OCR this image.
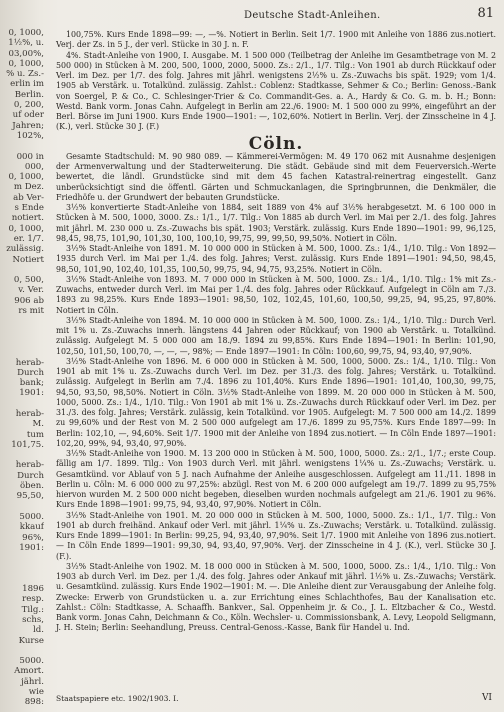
0, 1000,
1½%, u.
03,00%,
0, 1000,
% u. Zs.-
erlin im
Berlin.
0, 200,
uf oder
Jahren;
102%,

000 in
000,
0, 1000,
m Dez.
ab Ver-
s Ende
notiert.
0, 1000,
er. 1/7.
zulässig.
Notiert

0, 500,
v. Ver.
906 ab
rs mit

herab-
Durch
bank;
1901:

herab-
M.
tum
101,75.

herab-
Durch
öben.
95,50,

5000.
kkauf
96%,
1901:

1896
resp.
Tilg.:
schs,
ld.
Kurse

5000.
Amort.
jährl.
wie
898:
Deutsche Stadt-Anleihen.	81

100,75%. Kurs Ende 1898—99: —, —%. Notiert in Berlin. Seit 1/7. 1900 mit Anleihe von 1886 zus.notiert. Verj. der Zs. in 5 J., der verl. Stücke in 30 J. n. F.

4%. Stadt-Anleihe von 1900, I. Ausgabe. M. 1 500 000 (Teilbetrag der Anleihe im Gesamtbetrage von M. 2 500 000) in Stücken à M. 200, 500, 1000, 2000, 5000. Zs.: 2/1., 1/7. Tilg.: Von 1901 ab durch Rückkauf oder Verl. im Dez. per 1/7. des folg. Jahres mit jährl. wenigstens 2½% u. Zs.-Zuwachs bis spät. 1929; vom 1/4. 1905 ab Verstärk. u. Totalkünd. zulässig. Zahlst.: Coblenz: Stadtkasse, Sehmer & Co.; Berlin: Genoss.-Bank von Soergel, P. & Co., C. Schlesinger-Trier & Co. Commandit-Ges. a. A., Hardy & Co. G. m. b. H.; Bonn: Westd. Bank vorm. Jonas Cahn. Aufgelegt in Berlin am 22./6. 1900: M. 1 500 000 zu 99%, eingeführt an der Berl. Börse im Juni 1900. Kurs Ende 1900—1901: —, 102,60%. Notiert in Berlin. Verj. der Zinsscheine in 4 J. (K.), verl. Stücke 30 J. (F.)

Cöln.

Gesamte Stadtschuld: M. 90 980 089. — Kämmerei-Vermögen: M. 49 170 062 mit Ausnahme desjenigen der Armenverwaltung und der Stadterweiterung. Die städt. Gebäude sind mit dem Feuerversich.-Werte bewertet, die ländl. Grundstücke sind mit dem 45 fachen Katastral-reinertrag eingestellt. Ganz unberücksichtigt sind die öffentl. Gärten und Schmuckanlagen, die Springbrunnen, die Denkmäler, die Friedhöfe u. der Grundwert der bebauten Grundstücke.

3½% konvertierte Stadt-Anleihe von 1884, seit 1889 von 4% auf 3½% herabgesetzt. M. 6 100 000 in Stücken à M. 500, 1000, 3000. Zs.: 1/1., 1/7. Tilg.: Von 1885 ab durch Verl. im Mai per 2./1. des folg. Jahres mit jährl. M. 230 000 u. Zs.-Zuwachs bis spät. 1903; Verstärk. zulässig. Kurs Ende 1890—1901: 99, 96,125, 98,45, 98,75, 101,90, 101,30, 100, 100,10, 99,75, 99, 99,50, 99,50%. Notiert in Cöln.

3½% Stadt-Anleihe von 1891. M. 10 000 000 in Stücken à M. 500, 1000. Zs.: 1/4., 1/10. Tilg.: Von 1892—1935 durch Verl. im Mai per 1./4. des folg. Jahres; Verst. zulässig. Kurs Ende 1891—1901: 94,50, 98,45, 98,50, 101,90, 102,40, 101,35, 100,50, 99,75, 94, 94,75, 93,25%. Notiert in Cöln.

3½% Stadt-Anleihe von 1893. M. 7 000 000 in Stücken à M. 500, 1000. Zs.: 1/4., 1/10. Tilg.: 1% mit Zs.-Zuwachs, entweder durch Verl. im Mai per 1./4. des folg. Jahres oder Rückkauf. Aufgelegt in Cöln am 7./3. 1893 zu 98,25%. Kurs Ende 1893—1901: 98,50, 102, 102,45, 101,60, 100,50, 99,25, 94, 95,25, 97,80%. Notiert in Cöln.

3½% Stadt-Anleihe von 1894. M. 10 000 000 in Stücken à M. 500, 1000. Zs.: 1/4., 1/10. Tilg.: Durch Verl. mit 1% u. Zs.-Zuwachs innerh. längstens 44 Jahren oder Rückkauf; von 1900 ab Verstärk. u. Totalkünd. zulässig. Aufgelegt M. 5 000 000 am 18./9. 1894 zu 99,85%. Kurs Ende 1894—1901: In Berlin: 101,90, 102,50, 101,50, 100,70, —, —, —, 98%; — Ende 1897—1901: In Cöln: 100,60, 99,75, 94, 93,40, 97,90%.

3½% Stadt-Anleihe von 1896. M. 6 000 000 in Stücken à M. 500, 1000, 5000. Zs.: 1/4., 1/10. Tilg.: Von 1901 ab mit 1% u. Zs.-Zuwachs durch Verl. im Dez. per 31./3. des folg. Jahres; Verstärk. u. Totalkünd. zulässig. Aufgelegt in Berlin am 7./4. 1896 zu 101,40%. Kurs Ende 1896—1901: 101,40, 100,30, 99,75, 94,50, 93,50, 98,50%. Notiert in Cöln. 3½% Stadt-Anleihe von 1899. M. 20 000 000 in Stücken à M. 500, 1000, 5000. Zs.: 1/4., 1/10. Tilg.: Von 1901 ab mit 1% u. Zs.-Zuwachs durch Rückkauf oder Verl. im Dez. per 31./3. des folg. Jahres; Verstärk. zulässig, kein Totalkünd. vor 1905. Aufgelegt: M. 7 500 000 am 14./2. 1899 zu 99,60% und der Rest von M. 2 500 000 aufgelegt am 17./6. 1899 zu 95,75%. Kurs Ende 1897—99: In Berlin: 102,10, —, 94,60%. Seit 1/7. 1900 mit der Anleihe von 1894 zus.notiert. — In Cöln Ende 1897—1901: 102,20, 99%, 94, 93,40, 97,90%.

3½% Stadt-Anleihe von 1900. M. 13 200 000 in Stücken à M. 500, 1000, 5000. Zs.: 2/1., 1/7.; erste Coup. fällig am 1/7. 1899. Tilg.: Von 1903 durch Verl. mit jährl. wenigstens 1¼% u. Zs.-Zuwachs; Verstärk. u. Gesamtkünd. vor Ablauf von 5 J. nach Aufnahme der Anleihe ausgeschlossen. Aufgelegt am 11./11. 1898 in Berlin u. Cöln: M. 6 000 000 zu 97,25%: abzügl. Rest von M. 6 200 000 aufgelegt am 19./7. 1899 zu 95,75% hiervon wurden M. 2 500 000 nicht begeben, dieselben wurden nochmals aufgelegt am 21./6. 1901 zu 96%. Kurs Ende 1898—1901: 99,75, 94, 93,40, 97,90%. Notiert in Cöln.

3½% Stadt-Anleihe von 1901. M. 20 000 000 in Stücken à M. 500, 1000, 5000. Zs.: 1/1., 1/7. Tilg.: Von 1901 ab durch freihänd. Ankauf oder Verl. mit jährl. 1¼% u. Zs.-Zuwachs; Verstärk. u. Totalkünd. zulässig. Kurs Ende 1899—1901: In Berlin: 99,25, 94, 93,40, 97,90%. Seit 1/7. 1900 mit Anleihe von 1896 zus.notiert. — In Cöln Ende 1899—1901: 99,30, 94, 93,40, 97,90%. Verj. der Zinsscheine in 4 J. (K.), verl. Stücke 30 J. (F.).

3½% Stadt-Anleihe von 1902. M. 18 000 000 in Stücken à M. 500, 1000, 5000. Zs.: 1/4., 1/10. Tilg.: Von 1903 ab durch Verl. im Dez. per 1./4. des folg. Jahres oder Ankauf mit jährl. 1½% u. Zs.-Zuwachs; Verstärk. u. Gesamtkünd. zulässig. Kurs Ende 1902—1901: M. —. Die Anleihe dient zur Verausgabung der Anleihe folg. Zwecke: Erwerb von Grundstücken u. a. zur Errichtung eines Schlachthofes, Bau der Kanalisation etc. Zahlst.: Cöln: Stadtkasse, A. Schaaffh. Bankver., Sal. Oppenheim jr. & Co., J. L. Eltzbacher & Co., Westd. Bank vorm. Jonas Cahn, Deichmann & Co., Köln. Wechsler- u. Commissionsbank, A. Levy, Leopold Seligmann, J. H. Stein; Berlin: Seehandlung, Preuss. Central-Genoss.-Kasse, Bank für Handel u. Ind.

Staatspapiere etc. 1902/1903. I.	VI
